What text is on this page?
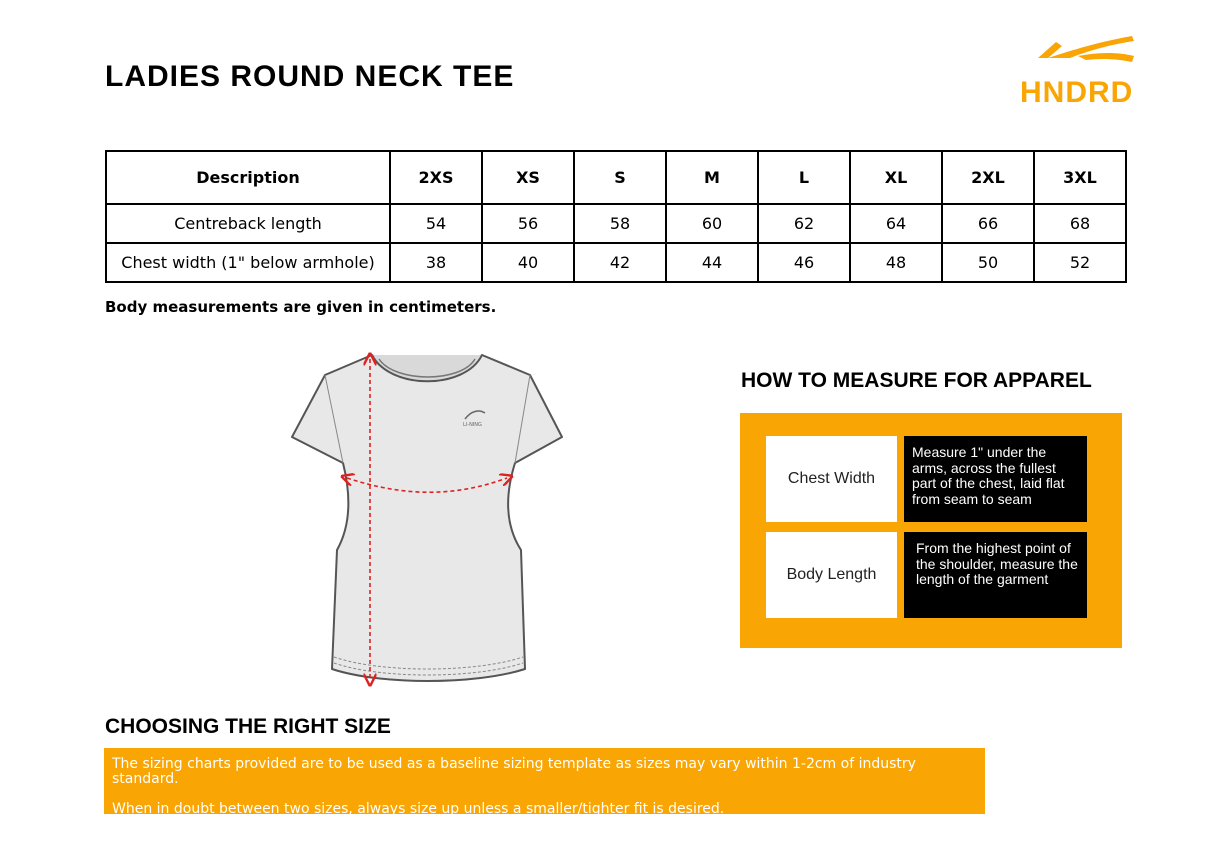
LADIES ROUND NECK TEE	HNDRD
Description	2XS	XS	S	M	L	XL	2XL	3XL
Centreback length	54	56	58	60	62	64	66	68
Chest width (1" below armhole)	38	40	42	44	46	48	50	52

Body measurements are given in centimeters.

LI-NING
HOW TO MEASURE FOR APPAREL
Chest Width
Measure 1" under the arms, across the fullest part of the chest, laid flat from seam to seam
Body Length
From the highest point of the shoulder, measure the length of the garment
CHOOSING THE RIGHT SIZE

The sizing charts provided are to be used as a baseline sizing template as sizes may vary within 1-2cm of industry standard.

When in doubt between two sizes, always size up unless a smaller/tighter fit is desired.
